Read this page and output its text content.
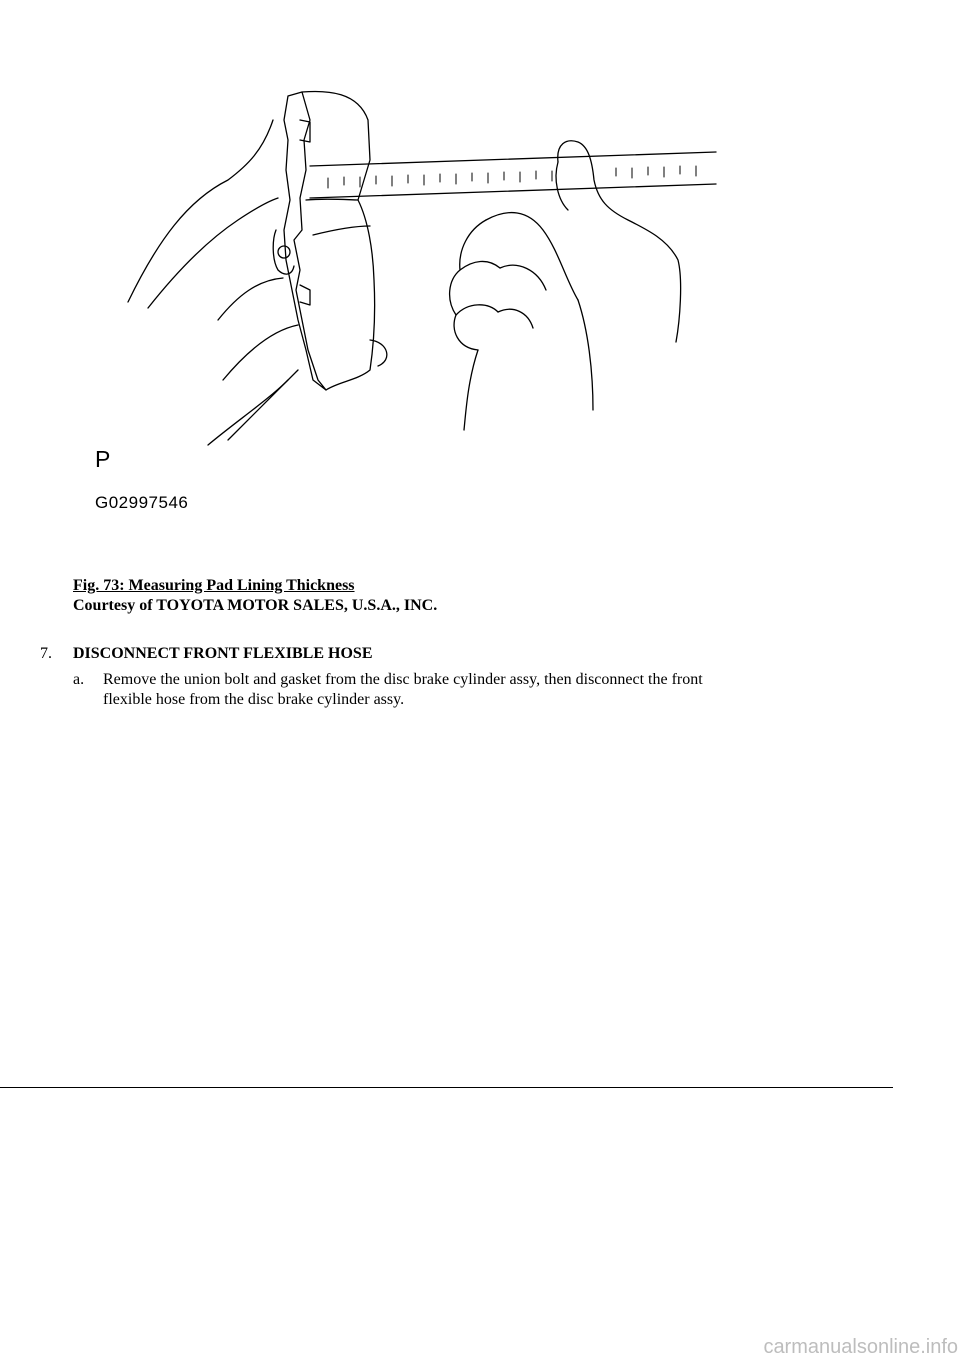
P
G02997546
Fig. 73: Measuring Pad Lining Thickness
Courtesy of TOYOTA MOTOR SALES, U.S.A., INC.
7. DISCONNECT FRONT FLEXIBLE HOSE
a. Remove the union bolt and gasket from the disc brake cylinder assy, then disconnect the front
flexible hose from the disc brake cylinder assy.
carmanualsonline.info
